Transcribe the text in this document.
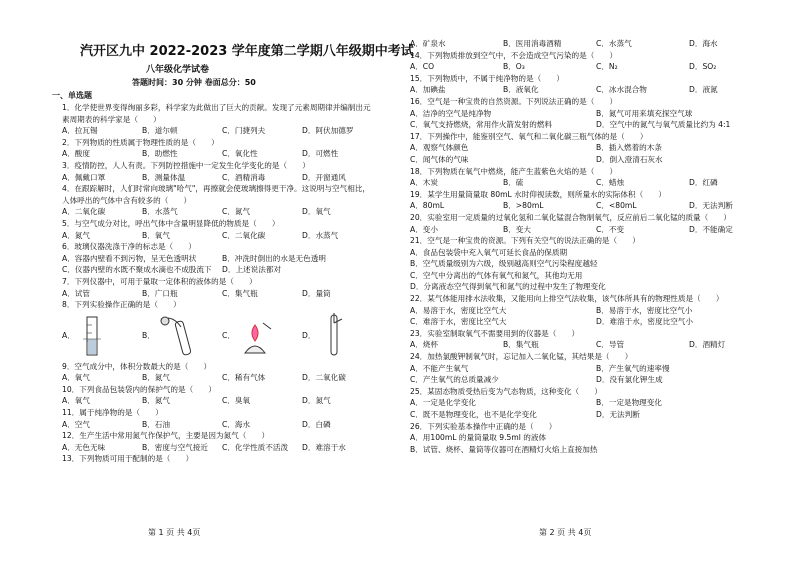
汽开区九中 2022-2023 学年度第二学期八年级期中考试
八年级化学试卷
答题时间：30 分钟 卷面总分：50
一、单选题
1．化学使世界变得绚丽多彩，科学家为此做出了巨大的贡献。发现了元素周期律并编制出元
素周期表的科学家是（　　）
A．拉瓦锡	B．道尔顿	C．门捷列夫	D．阿伏加德罗
2．下列物质的性质属于物理性质的是（　　）
A．酸度	B．助燃性	C．氧化性	D．可燃性
3．疫情防控，人人有责。下列防控措施中一定发生化学变化的是（　　）
A．佩戴口罩	B．测量体温	C．酒精消毒	D．开窗通风
4．在跟踪解时，人们时常向玻璃"哈气"，再擦就会使玻璃擦得更干净。这说明与空气相比，
人体呼出的气体中含有较多的（　　）
A．二氧化碳	B．水蒸气	C．氮气	D．氧气
5．与空气成分对比，呼出气体中含量明显降低的物质是（　　）
A．氮气	B．氧气	C．二氧化碳	D．水蒸气
6．玻璃仪器洗涤干净的标志是（　　）
A．容器内壁看不到污物，呈无色透明状	B．冲洗时倒出的水是无色透明
C．仪器内壁的水既不聚成水滴也不成股流下	D．上述说法都对
7．下列仪器中，可用于量取一定体积的液体的是（　　）
A．试管	B．广口瓶	C．集气瓶	D．量筒
8．下列实验操作正确的是（　　）
A．	B．	C．	D．
9．空气成分中，体积分数最大的是（　　）
A．氧气	B．氮气	C．稀有气体	D．二氧化碳
10．下列食品包装袋内的保护气的是（　　）
A．氧气	B．氮气	C．臭氧	D．氮气
11．属于纯净物的是（　　）
A．空气	B．石油	C．海水	D．白磷
12．生产生活中常用氮气作保护气，主要是因为氮气（　　）
A．无色无味	B．密度与空气接近	C．化学性质不活泼	D．难溶于水
13．下列物质可用于配制的是（　　）
第 1 页 共 4页
A．矿泉水	B．医用消毒酒精	C．水蒸气	D．海水
14．下列物质排放到空气中，不会造成空气污染的是（　　）
A．CO	B．O₃	C．N₂	D．SO₂
15．下列物质中，不属于纯净物的是（　　）
A．加碘盐	B．液氧化	C．冰水混合物	D．液氮
16．空气是一种宝贵的自然资源。下列说法正确的是（　　）
A．洁净的空气是纯净物	B．氮气可用来填充探空气球
C．氧气支持燃烧，常用作火箭发射的燃料	D．空气中的氮气与氧气质量比约为 4:1
17．下列操作中，能鉴别空气、氧气和二氧化碳三瓶气体的是（　　）
A．观察气体颜色	B．插入燃着的木条
C．闻气体的气味	D．倒入澄清石灰水
18．下列物质在氧气中燃烧，能产生蓝紫色火焰的是（　　）
A．木炭	B．硫	C．蜡烛	D．红磷
19．某学生用量筒量取 80mL 水时仰视读数，则所量水的实际体积（　　）
A．80mL	B．>80mL	C．<80mL	D．无法判断
20．实验室用一定质量的过氧化氢和二氧化锰混合物制氧气，反应前后二氧化锰的质量（　　）
A．变小	B．变大	C．不变	D．不能确定
21．空气是一种宝贵的资源。下列有关空气的说法正确的是（　　）
A．食品包装袋中充入氧气可延长食品的保质期
B．空气质量级别为六级，级别越高则空气污染程度越轻
C．空气中分离出的气体有氧气和氮气，其他均无用
D．分离液态空气得到氧气和氮气的过程中发生了物理变化
22．某气体能用排水法收集，又能用向上排空气法收集，该气体所具有的物理性质是（　　）
A．易溶于水，密度比空气大	B．易溶于水，密度比空气小
C．难溶于水，密度比空气大	D．难溶于水，密度比空气小
23．实验室制取氧气不需要用到的仪器是（　　）
A．烧杯	B．集气瓶	C．导管	D．酒精灯
24．加热氯酸钾制氧气时，忘记加入二氧化锰，其结果是（　　）
A．不能产生氧气	B．产生氧气的速率慢
C．产生氧气的总质量减少	D．没有氯化钾生成
25．某固态物质受热后变为气态物质，这种变化（　　）
A．一定是化学变化	B．一定是物理变化
C．既不是物理变化，也不是化学变化	D．无法判断
26．下列实验基本操作中正确的是（　　）
A．用100mL 的量筒量取 9.5ml 的液体
B．试管、烧杯、量筒等仪器可在酒精灯火焰上直接加热
第 2 页 共 4页
